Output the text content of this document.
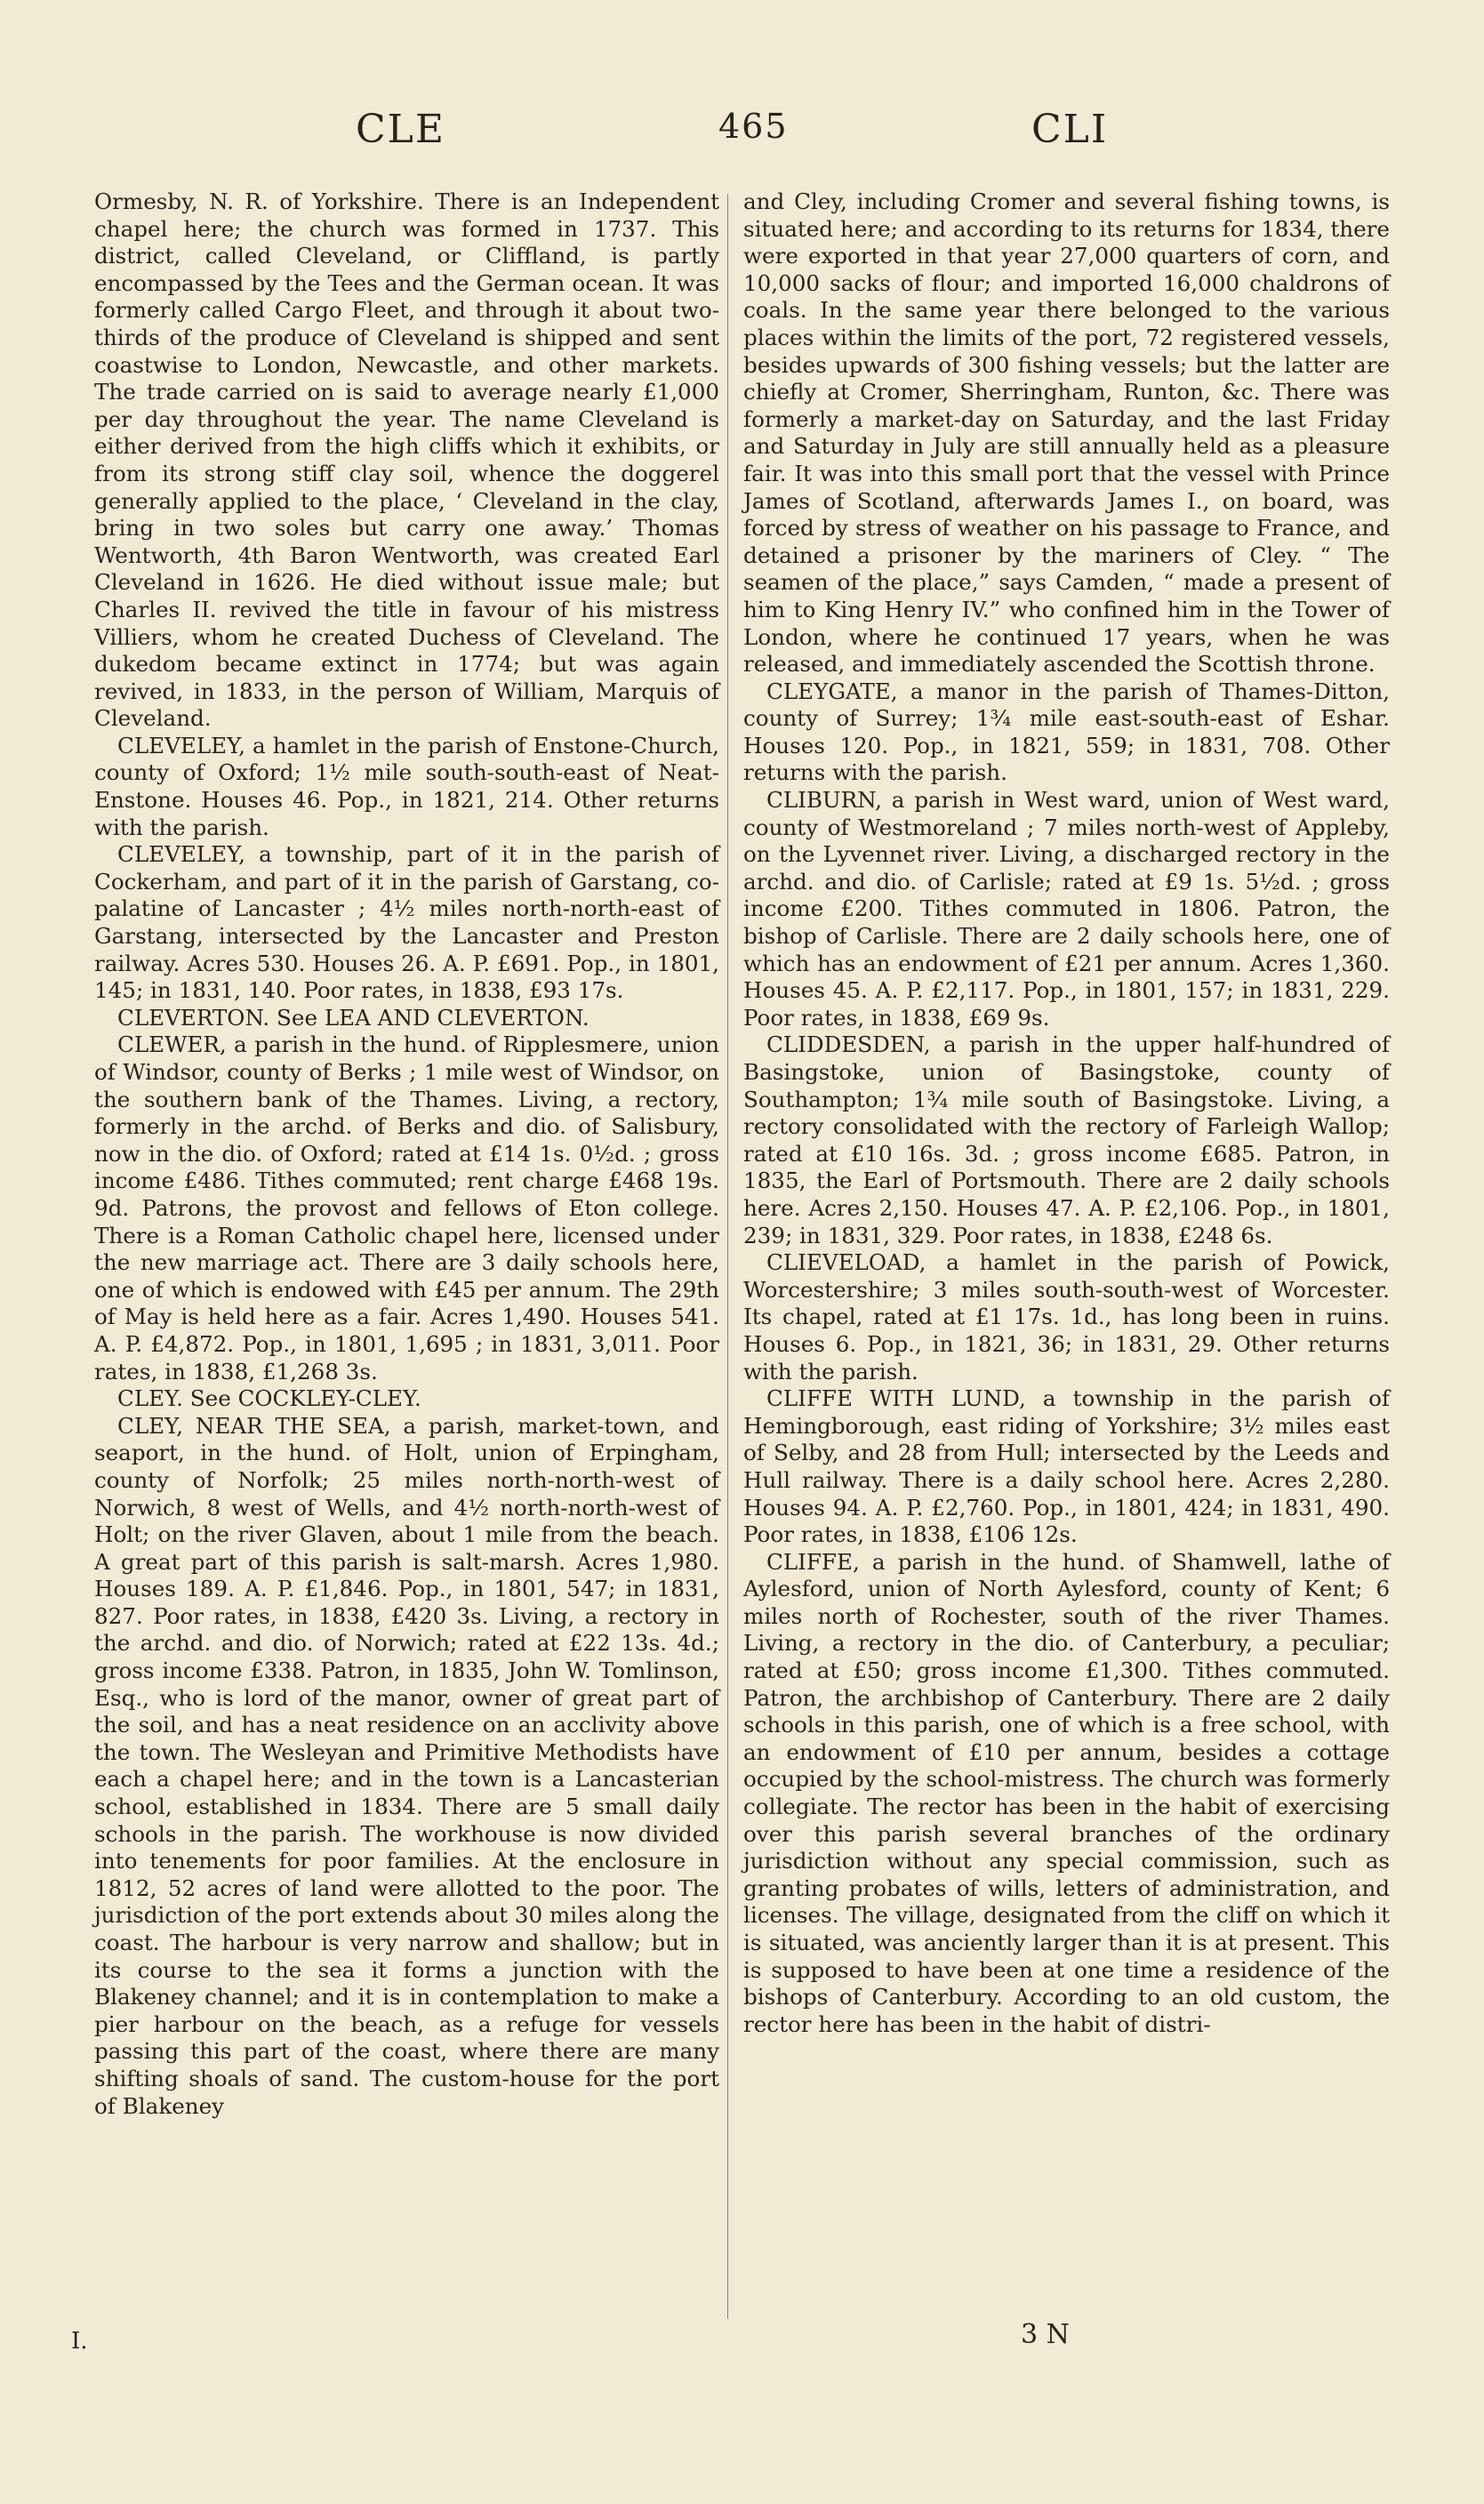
CLE	465	CLI

Ormesby, N. R. of Yorkshire. There is an Independent chapel here; the church was formed in 1737. This district, called Cleveland, or Cliffland, is partly encompassed by the Tees and the German ocean. It was formerly called Cargo Fleet, and through it about two-thirds of the produce of Cleveland is shipped and sent coastwise to London, Newcastle, and other markets. The trade carried on is said to average nearly £1,000 per day throughout the year. The name Cleveland is either derived from the high cliffs which it exhibits, or from its strong stiff clay soil, whence the doggerel generally applied to the place, ‘ Cleveland in the clay, bring in two soles but carry one away.’ Thomas Wentworth, 4th Baron Wentworth, was created Earl Cleveland in 1626. He died without issue male; but Charles II. revived the title in favour of his mistress Villiers, whom he created Duchess of Cleveland. The dukedom became extinct in 1774; but was again revived, in 1833, in the person of William, Marquis of Cleveland.

CLEVELEY, a hamlet in the parish of Enstone-Church, county of Oxford; 1½ mile south-south-east of Neat-Enstone. Houses 46. Pop., in 1821, 214. Other returns with the parish.

CLEVELEY, a township, part of it in the parish of Cockerham, and part of it in the parish of Garstang, co-palatine of Lancaster ; 4½ miles north-north-east of Garstang, intersected by the Lancaster and Preston railway. Acres 530. Houses 26. A. P. £691. Pop., in 1801, 145; in 1831, 140. Poor rates, in 1838, £93 17s.

CLEVERTON. See LEA AND CLEVERTON.

CLEWER, a parish in the hund. of Ripplesmere, union of Windsor, county of Berks ; 1 mile west of Windsor, on the southern bank of the Thames. Living, a rectory, formerly in the archd. of Berks and dio. of Salisbury, now in the dio. of Oxford; rated at £14 1s. 0½d. ; gross income £486. Tithes commuted; rent charge £468 19s. 9d. Patrons, the provost and fellows of Eton college. There is a Roman Catholic chapel here, licensed under the new marriage act. There are 3 daily schools here, one of which is endowed with £45 per annum. The 29th of May is held here as a fair. Acres 1,490. Houses 541. A. P. £4,872. Pop., in 1801, 1,695 ; in 1831, 3,011. Poor rates, in 1838, £1,268 3s.

CLEY. See COCKLEY-CLEY.

CLEY, NEAR THE SEA, a parish, market-town, and seaport, in the hund. of Holt, union of Erpingham, county of Norfolk; 25 miles north-north-west of Norwich, 8 west of Wells, and 4½ north-north-west of Holt; on the river Glaven, about 1 mile from the beach. A great part of this parish is salt-marsh. Acres 1,980. Houses 189. A. P. £1,846. Pop., in 1801, 547; in 1831, 827. Poor rates, in 1838, £420 3s. Living, a rectory in the archd. and dio. of Norwich; rated at £22 13s. 4d.; gross income £338. Patron, in 1835, John W. Tomlinson, Esq., who is lord of the manor, owner of great part of the soil, and has a neat residence on an acclivity above the town. The Wesleyan and Primitive Methodists have each a chapel here; and in the town is a Lancasterian school, established in 1834. There are 5 small daily schools in the parish. The workhouse is now divided into tenements for poor families. At the enclosure in 1812, 52 acres of land were allotted to the poor. The jurisdiction of the port extends about 30 miles along the coast. The harbour is very narrow and shallow; but in its course to the sea it forms a junction with the Blakeney channel; and it is in contemplation to make a pier harbour on the beach, as a refuge for vessels passing this part of the coast, where there are many shifting shoals of sand. The custom-house for the port of Blakeney

and Cley, including Cromer and several fishing towns, is situated here; and according to its returns for 1834, there were exported in that year 27,000 quarters of corn, and 10,000 sacks of flour; and imported 16,000 chaldrons of coals. In the same year there belonged to the various places within the limits of the port, 72 registered vessels, besides upwards of 300 fishing vessels; but the latter are chiefly at Cromer, Sherringham, Runton, &c. There was formerly a market-day on Saturday, and the last Friday and Saturday in July are still annually held as a pleasure fair. It was into this small port that the vessel with Prince James of Scotland, afterwards James I., on board, was forced by stress of weather on his passage to France, and detained a prisoner by the mariners of Cley. “ The seamen of the place,” says Camden, “ made a present of him to King Henry IV.” who confined him in the Tower of London, where he continued 17 years, when he was released, and immediately ascended the Scottish throne.

CLEYGATE, a manor in the parish of Thames-Ditton, county of Surrey; 1¾ mile east-south-east of Eshar. Houses 120. Pop., in 1821, 559; in 1831, 708. Other returns with the parish.

CLIBURN, a parish in West ward, union of West ward, county of Westmoreland ; 7 miles north-west of Appleby, on the Lyvennet river. Living, a discharged rectory in the archd. and dio. of Carlisle; rated at £9 1s. 5½d. ; gross income £200. Tithes commuted in 1806. Patron, the bishop of Carlisle. There are 2 daily schools here, one of which has an endowment of £21 per annum. Acres 1,360. Houses 45. A. P. £2,117. Pop., in 1801, 157; in 1831, 229. Poor rates, in 1838, £69 9s.

CLIDDESDEN, a parish in the upper half-hundred of Basingstoke, union of Basingstoke, county of Southampton; 1¾ mile south of Basingstoke. Living, a rectory consolidated with the rectory of Farleigh Wallop; rated at £10 16s. 3d. ; gross income £685. Patron, in 1835, the Earl of Portsmouth. There are 2 daily schools here. Acres 2,150. Houses 47. A. P. £2,106. Pop., in 1801, 239; in 1831, 329. Poor rates, in 1838, £248 6s.

CLIEVELOAD, a hamlet in the parish of Powick, Worcestershire; 3 miles south-south-west of Worcester. Its chapel, rated at £1 17s. 1d., has long been in ruins. Houses 6. Pop., in 1821, 36; in 1831, 29. Other returns with the parish.

CLIFFE WITH LUND, a township in the parish of Hemingborough, east riding of Yorkshire; 3½ miles east of Selby, and 28 from Hull; intersected by the Leeds and Hull railway. There is a daily school here. Acres 2,280. Houses 94. A. P. £2,760. Pop., in 1801, 424; in 1831, 490. Poor rates, in 1838, £106 12s.

CLIFFE, a parish in the hund. of Shamwell, lathe of Aylesford, union of North Aylesford, county of Kent; 6 miles north of Rochester, south of the river Thames. Living, a rectory in the dio. of Canterbury, a peculiar; rated at £50; gross income £1,300. Tithes commuted. Patron, the archbishop of Canterbury. There are 2 daily schools in this parish, one of which is a free school, with an endowment of £10 per annum, besides a cottage occupied by the school-mistress. The church was formerly collegiate. The rector has been in the habit of exercising over this parish several branches of the ordinary jurisdiction without any special commission, such as granting probates of wills, letters of administration, and licenses. The village, designated from the cliff on which it is situated, was anciently larger than it is at present. This is supposed to have been at one time a residence of the bishops of Canterbury. According to an old custom, the rector here has been in the habit of distri-

I.	3 N
